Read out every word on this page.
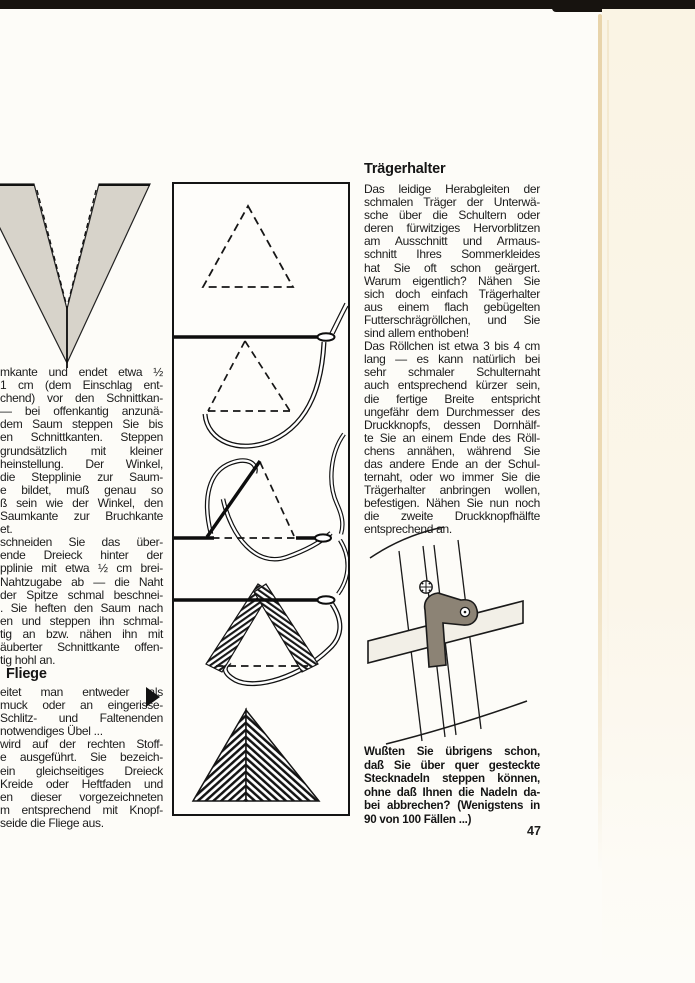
mkante und endet etwa ½
1 cm (dem Einschlag ent-
chend) vor den Schnittkan-
— bei offenkantig anzunä-
dem Saum steppen Sie bis
en Schnittkanten. Steppen
grundsätzlich mit kleiner
heinstellung. Der Winkel,
die Stepplinie zur Saum-
e bildet, muß genau so
ß sein wie der Winkel, den
Saumkante zur Bruchkante
et.
schneiden Sie das über-
ende Dreieck hinter der
pplinie mit etwa ½ cm brei-
Nahtzugabe ab — die Naht
der Spitze schmal beschnei-
. Sie heften den Saum nach
en und steppen ihn schmal-
tig an bzw. nähen ihn mit
äuberter Schnittkante offen-
tig hohl an.
Fliege
eitet man entweder als
muck oder an eingerisse-
Schlitz- und Faltenenden
notwendiges Übel ...
wird auf der rechten Stoff-
e ausgeführt. Sie bezeich-
ein gleichseitiges Dreieck
Kreide oder Heftfaden und
en dieser vorgezeichneten
m entsprechend mit Knopf-
seide die Fliege aus.
Trägerhalter
Das leidige Herabgleiten der
schmalen Träger der Unterwä-
sche über die Schultern oder
deren fürwitziges Hervorblitzen
am Ausschnitt und Armaus-
schnitt Ihres Sommerkleides
hat Sie oft schon geärgert.
Warum eigentlich? Nähen Sie
sich doch einfach Trägerhalter
aus einem flach gebügelten
Futterschrägröllchen, und Sie
sind allem enthoben!
Das Röllchen ist etwa 3 bis 4 cm
lang — es kann natürlich bei
sehr schmaler Schulternaht
auch entsprechend kürzer sein,
die fertige Breite entspricht
ungefähr dem Durchmesser des
Druckknopfs, dessen Dornhälf-
te Sie an einem Ende des Röll-
chens annähen, während Sie
das andere Ende an der Schul-
ternaht, oder wo immer Sie die
Trägerhalter anbringen wollen,
befestigen. Nähen Sie nun noch
die zweite Druckknopfhälfte
entsprechend an.
Wußten Sie übrigens schon,
daß Sie über quer gesteckte
Stecknadeln steppen können,
ohne daß Ihnen die Nadeln da-
bei abbrechen? (Wenigstens in
90 von 100 Fällen ...)
47
